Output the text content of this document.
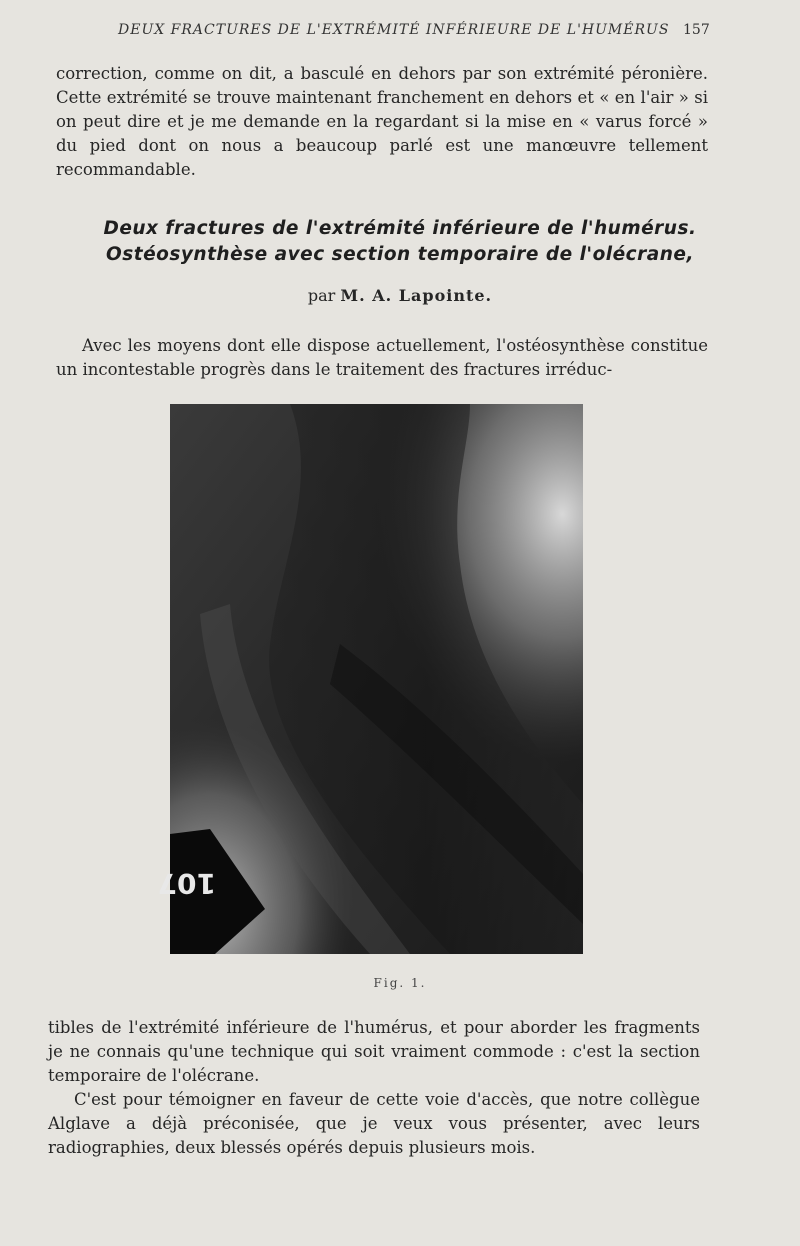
DEUX FRACTURES DE L'EXTRÉMITÉ INFÉRIEURE DE L'HUMÉRUS 157

correction, comme on dit, a basculé en dehors par son extrémité péronière. Cette extrémité se trouve maintenant franchement en dehors et « en l'air » si on peut dire et je me demande en la regardant si la mise en « varus forcé » du pied dont on nous a beaucoup parlé est une manœuvre tellement recommandable.

Deux fractures de l'extrémité inférieure de l'humérus.
Ostéosynthèse avec section temporaire de l'olécrane,
par M. A. Lapointe.

Avec les moyens dont elle dispose actuellement, l'ostéosynthèse constitue un incontestable progrès dans le traitement des fractures irréduc-

107
Fig. 1.

tibles de l'extrémité inférieure de l'humérus, et pour aborder les fragments je ne connais qu'une technique qui soit vraiment commode : c'est la section temporaire de l'olécrane.

C'est pour témoigner en faveur de cette voie d'accès, que notre collègue Alglave a déjà préconisée, que je veux vous présenter, avec leurs radiographies, deux blessés opérés depuis plusieurs mois.
